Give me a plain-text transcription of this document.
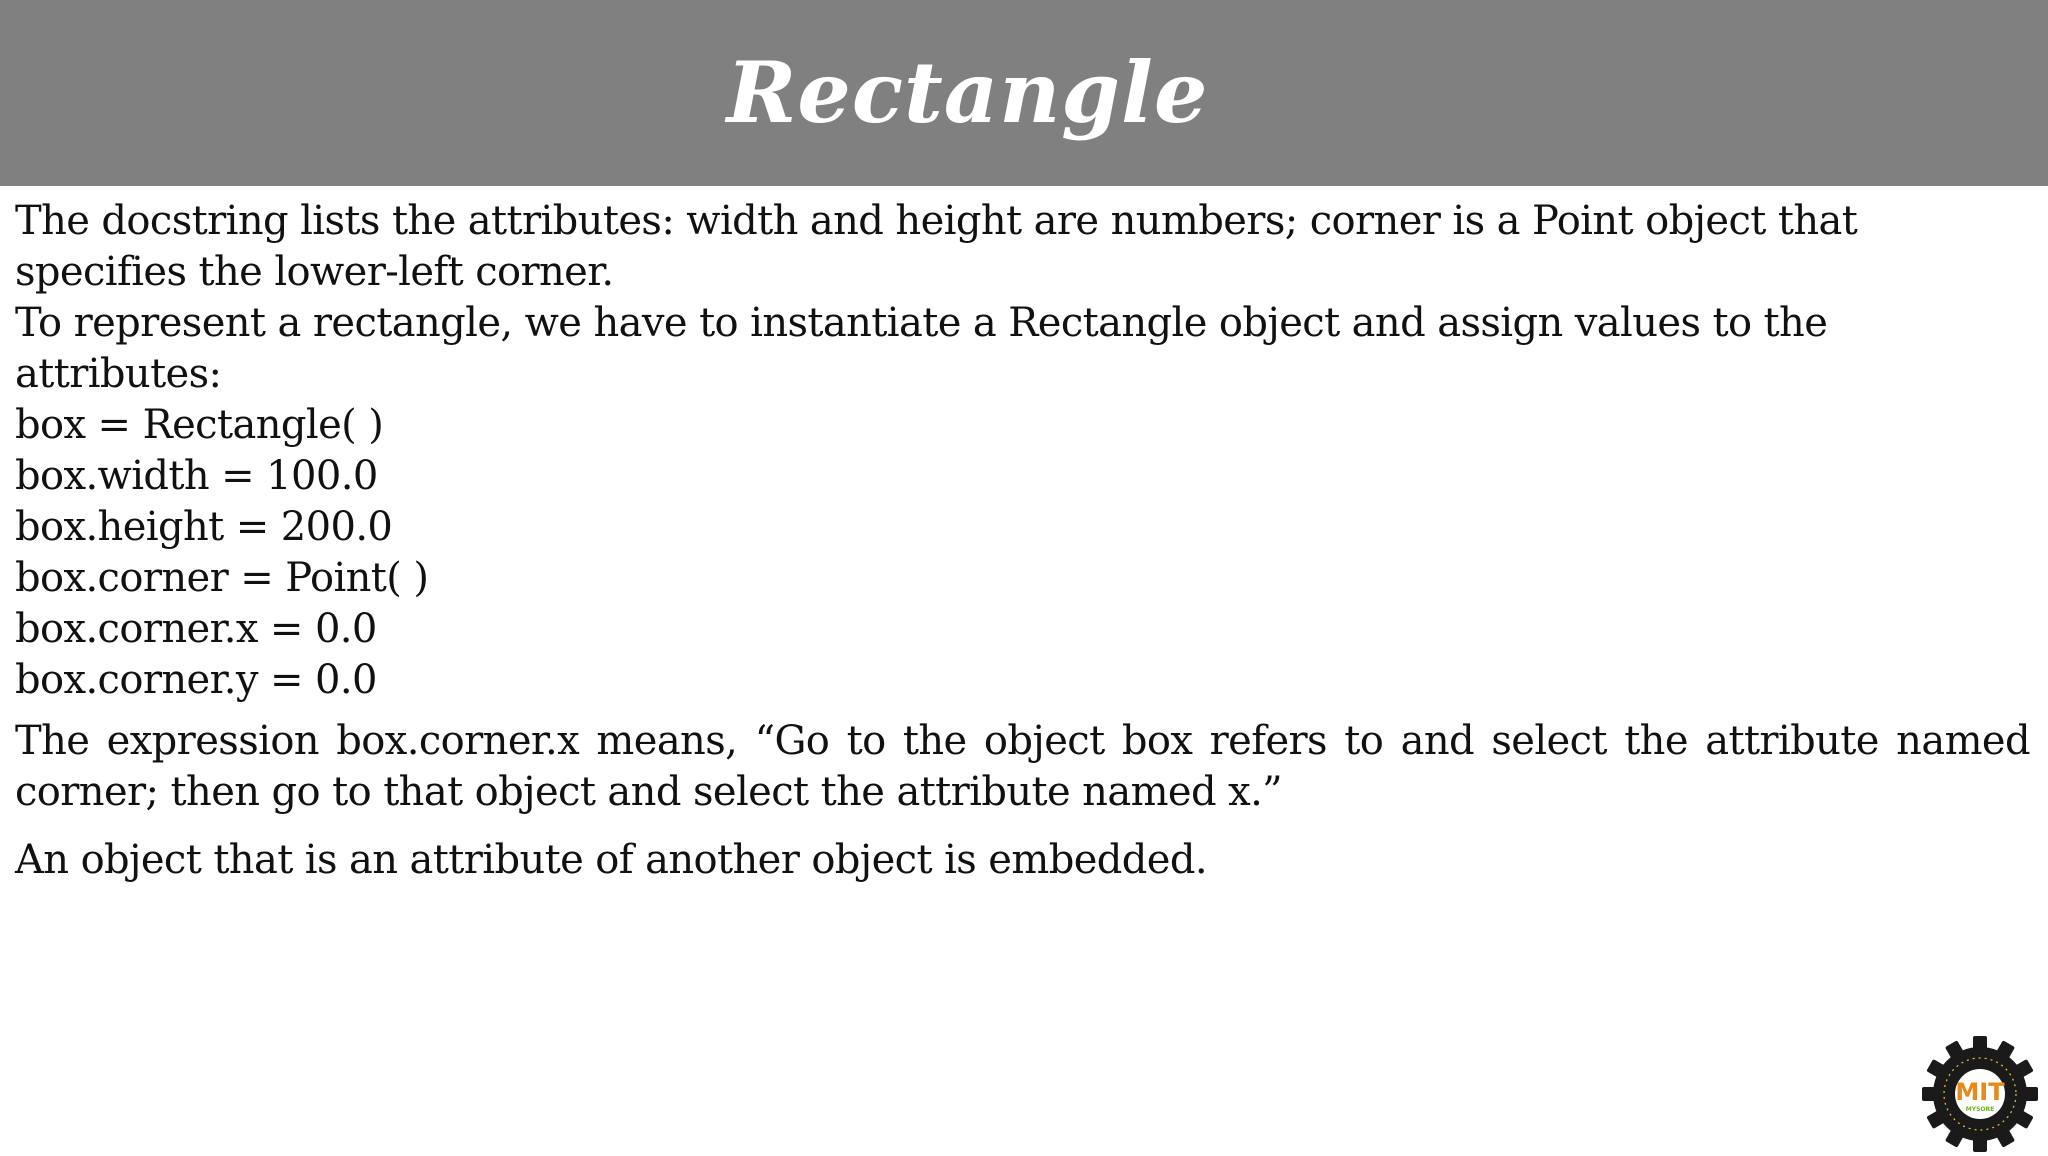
Rectangle

The docstring lists the attributes: width and height are numbers; corner is a Point object that specifies the lower-left corner.

To represent a rectangle, we have to instantiate a Rectangle object and assign values to the attributes:

box = Rectangle( )

box.width = 100.0

box.height = 200.0

box.corner = Point( )

box.corner.x = 0.0

box.corner.y = 0.0

The expression box.corner.x means, “Go to the object box refers to and select the attribute named corner; then go to that object and select the attribute named x.”

An object that is an attribute of another object is embedded.

MIT
MYSORE
